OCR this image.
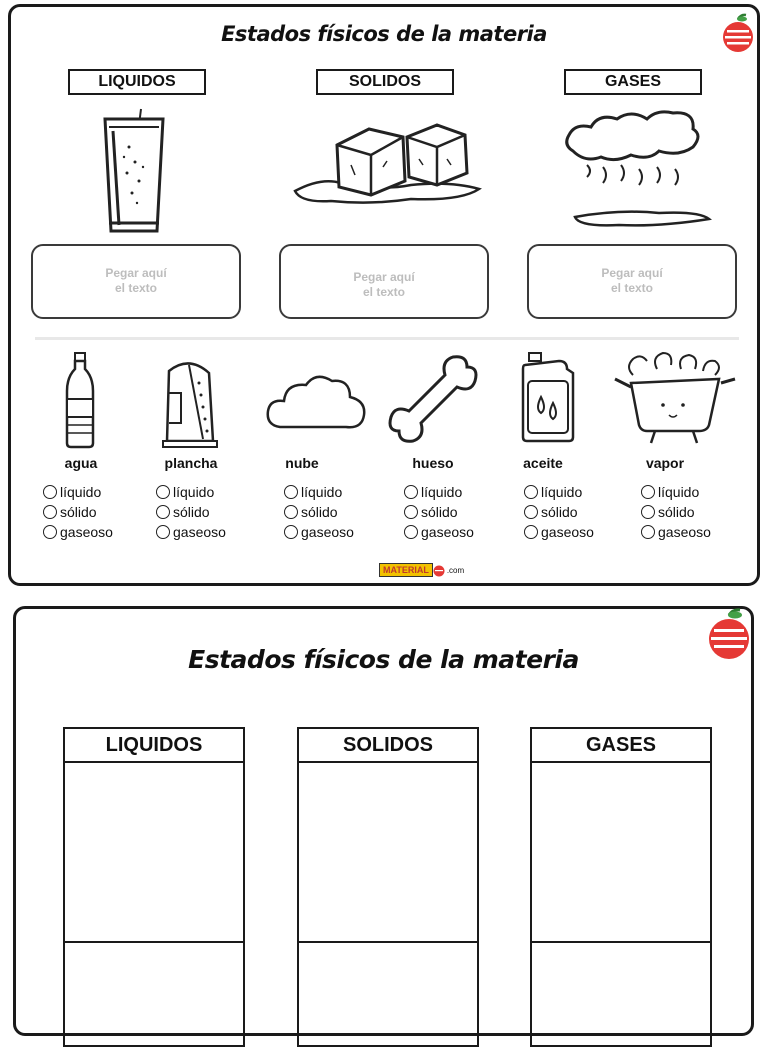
Estados físicos de la materia
LIQUIDOS	SOLIDOS	GASES
Pegar aquí
el texto
Pegar aquí
el texto
Pegar aquí
el texto
agua	plancha	nube	hueso	aceite	vapor
líquido
sólido
gaseoso
líquido
sólido
gaseoso
líquido
sólido
gaseoso
líquido
sólido
gaseoso
líquido
sólido
gaseoso
líquido
sólido
gaseoso
MATERIAL	.com
Estados físicos de la materia
LIQUIDOS	SOLIDOS	GASES
